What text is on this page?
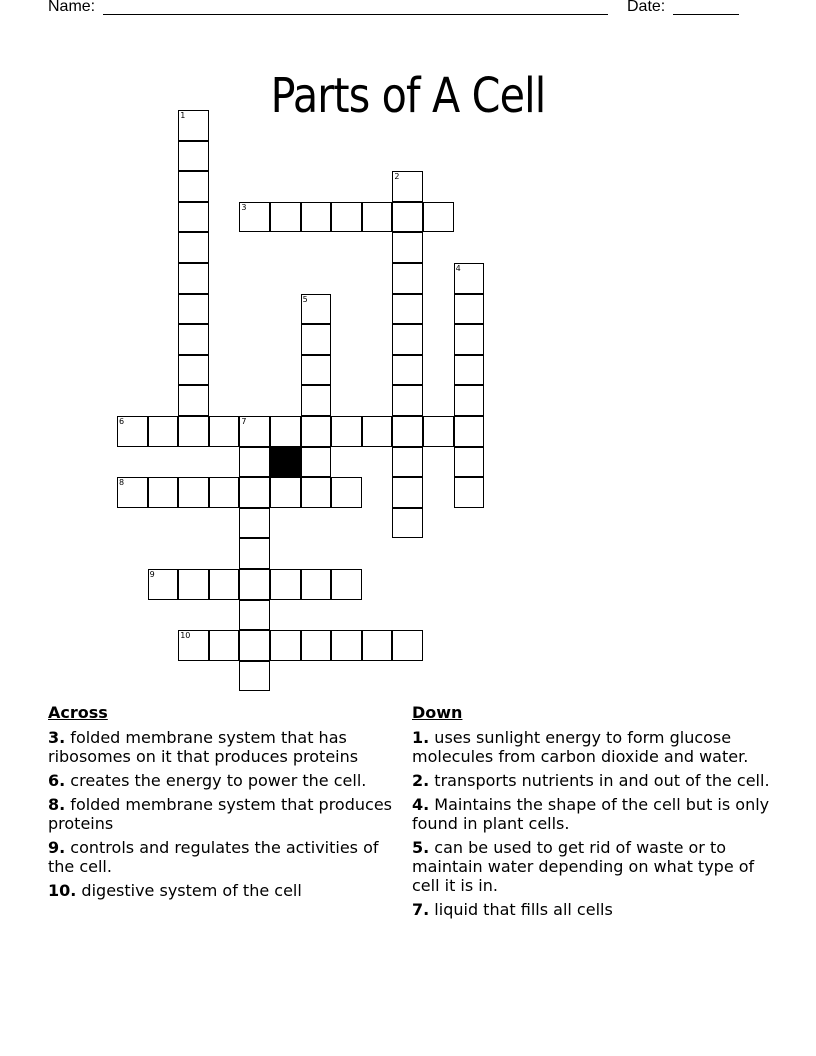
Name:	Date:
Parts of A Cell
1
2
3
4
5
6	7
8
9
10
Across
3. folded membrane system that has ribosomes on it that produces proteins
6. creates the energy to power the cell.
8. folded membrane system that produces proteins
9. controls and regulates the activities of the cell.
10. digestive system of the cell
Down
1. uses sunlight energy to form glucose molecules from carbon dioxide and water.
2. transports nutrients in and out of the cell.
4. Maintains the shape of the cell but is only found in plant cells.
5. can be used to get rid of waste or to maintain water depending on what type of cell it is in.
7. liquid that fills all cells
